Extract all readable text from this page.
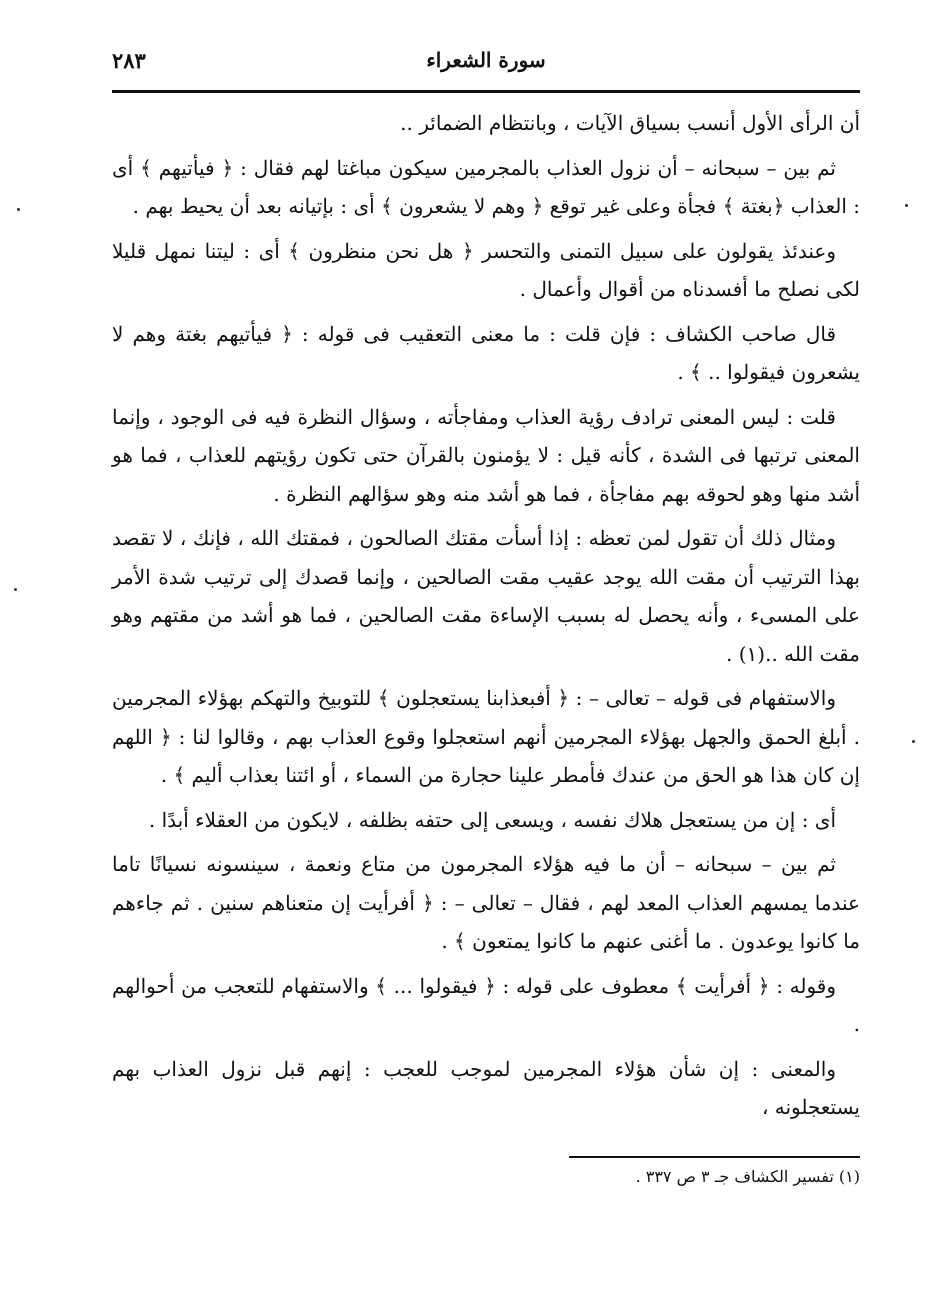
سورة الشعراء
٢٨٣

أن الرأى الأول أنسب بسياق الآيات ، وبانتظام الضمائر ..

ثم بين – سبحانه – أن نزول العذاب بالمجرمين سيكون مباغتا لهم فقال : ﴿ فيأتيهم ﴾ أى : العذاب ﴿بغتة ﴾ فجأة وعلى غير توقع ﴿ وهم لا يشعرون ﴾ أى : بإتيانه بعد أن يحيط بهم .

وعندئذ يقولون على سبيل التمنى والتحسر ﴿ هل نحن منظرون ﴾ أى : ليتنا نمهل قليلا لكى نصلح ما أفسدناه من أقوال وأعمال .

قال صاحب الكشاف : فإن قلت : ما معنى التعقيب فى قوله : ﴿ فيأتيهم بغتة وهم لا يشعرون فيقولوا .. ﴾ .

قلت : ليس المعنى ترادف رؤية العذاب ومفاجأته ، وسؤال النظرة فيه فى الوجود ، وإنما المعنى ترتبها فى الشدة ، كأنه قيل : لا يؤمنون بالقرآن حتى تكون رؤيتهم للعذاب ، فما هو أشد منها وهو لحوقه بهم مفاجأة ، فما هو أشد منه وهو سؤالهم النظرة .

ومثال ذلك أن تقول لمن تعظه : إذا أسأت مقتك الصالحون ، فمقتك الله ، فإنك ، لا تقصد بهذا الترتيب أن مقت الله يوجد عقيب مقت الصالحين ، وإنما قصدك إلى ترتيب شدة الأمر على المسىء ، وأنه يحصل له بسبب الإساءة مقت الصالحين ، فما هو أشد من مقتهم وهو مقت الله ..(١) .

والاستفهام فى قوله – تعالى – : ﴿ أفبعذابنا يستعجلون ﴾ للتوبيخ والتهكم بهؤلاء المجرمين . أبلغ الحمق والجهل بهؤلاء المجرمين أنهم استعجلوا وقوع العذاب بهم ، وقالوا لنا : ﴿ اللهم إن كان هذا هو الحق من عندك فأمطر علينا حجارة من السماء ، أو ائتنا بعذاب أليم ﴾ .

أى : إن من يستعجل هلاك نفسه ، ويسعى إلى حتفه بظلفه ، لايكون من العقلاء أبدًا .

ثم بين – سبحانه – أن ما فيه هؤلاء المجرمون من متاع ونعمة ، سينسونه نسيانًا تاما عندما يمسهم العذاب المعد لهم ، فقال – تعالى – : ﴿ أفرأيت إن متعناهم سنين . ثم جاءهم ما كانوا يوعدون . ما أغنى عنهم ما كانوا يمتعون ﴾ .

وقوله : ﴿ أفرأيت ﴾ معطوف على قوله : ﴿ فيقولوا ... ﴾ والاستفهام للتعجب من أحوالهم .

والمعنى : إن شأن هؤلاء المجرمين لموجب للعجب : إنهم قبل نزول العذاب بهم يستعجلونه ،

(١) تفسير الكشاف جـ ٣ ص ٣٣٧ .
